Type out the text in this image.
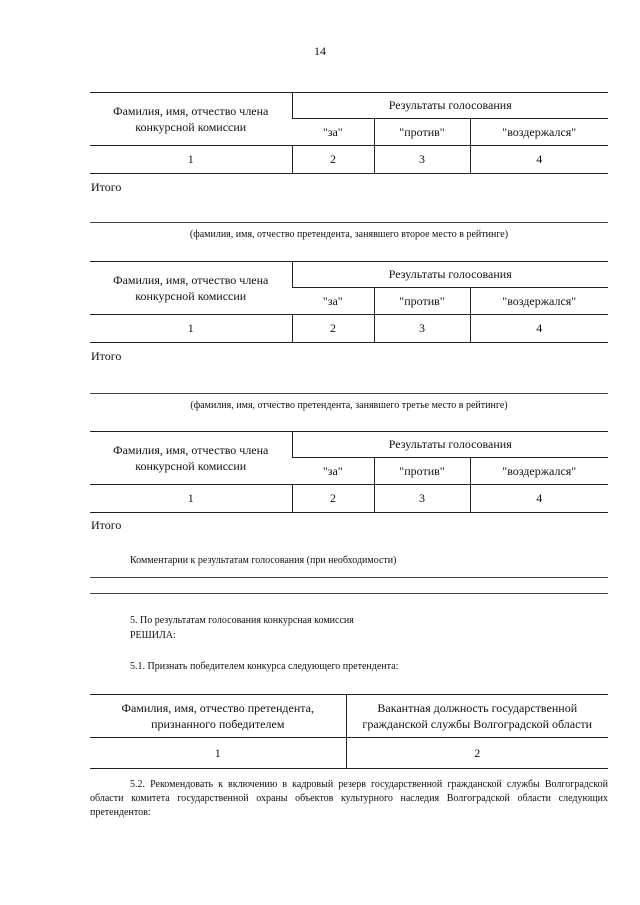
14
Фамилия, имя, отчество члена конкурсной комиссии	Результаты голосования		
	"за"	"против"	"воздержался"
1	2	3	4
Итого
(фамилия, имя, отчество претендента, занявшего второе место в рейтинге)
Фамилия, имя, отчество члена конкурсной комиссии	Результаты голосования		
	"за"	"против"	"воздержался"
1	2	3	4
Итого
(фамилия, имя, отчество претендента, занявшего третье место в рейтинге)
Фамилия, имя, отчество члена конкурсной комиссии	Результаты голосования		
	"за"	"против"	"воздержался"
1	2	3	4
Итого
Комментарии к результатам голосования (при необходимости)
5. По результатам голосования конкурсная комиссия
РЕШИЛА:
5.1. Признать победителем конкурса следующего претендента:
Фамилия, имя, отчество претендента, признанного победителем	Вакантная должность государственной гражданской службы Волгоградской области
1	2
5.2. Рекомендовать к включению в кадровый резерв государственной гражданской службы Волгоградской области комитета государственной охраны объектов культурного наследия Волгоградской области следующих претендентов:
